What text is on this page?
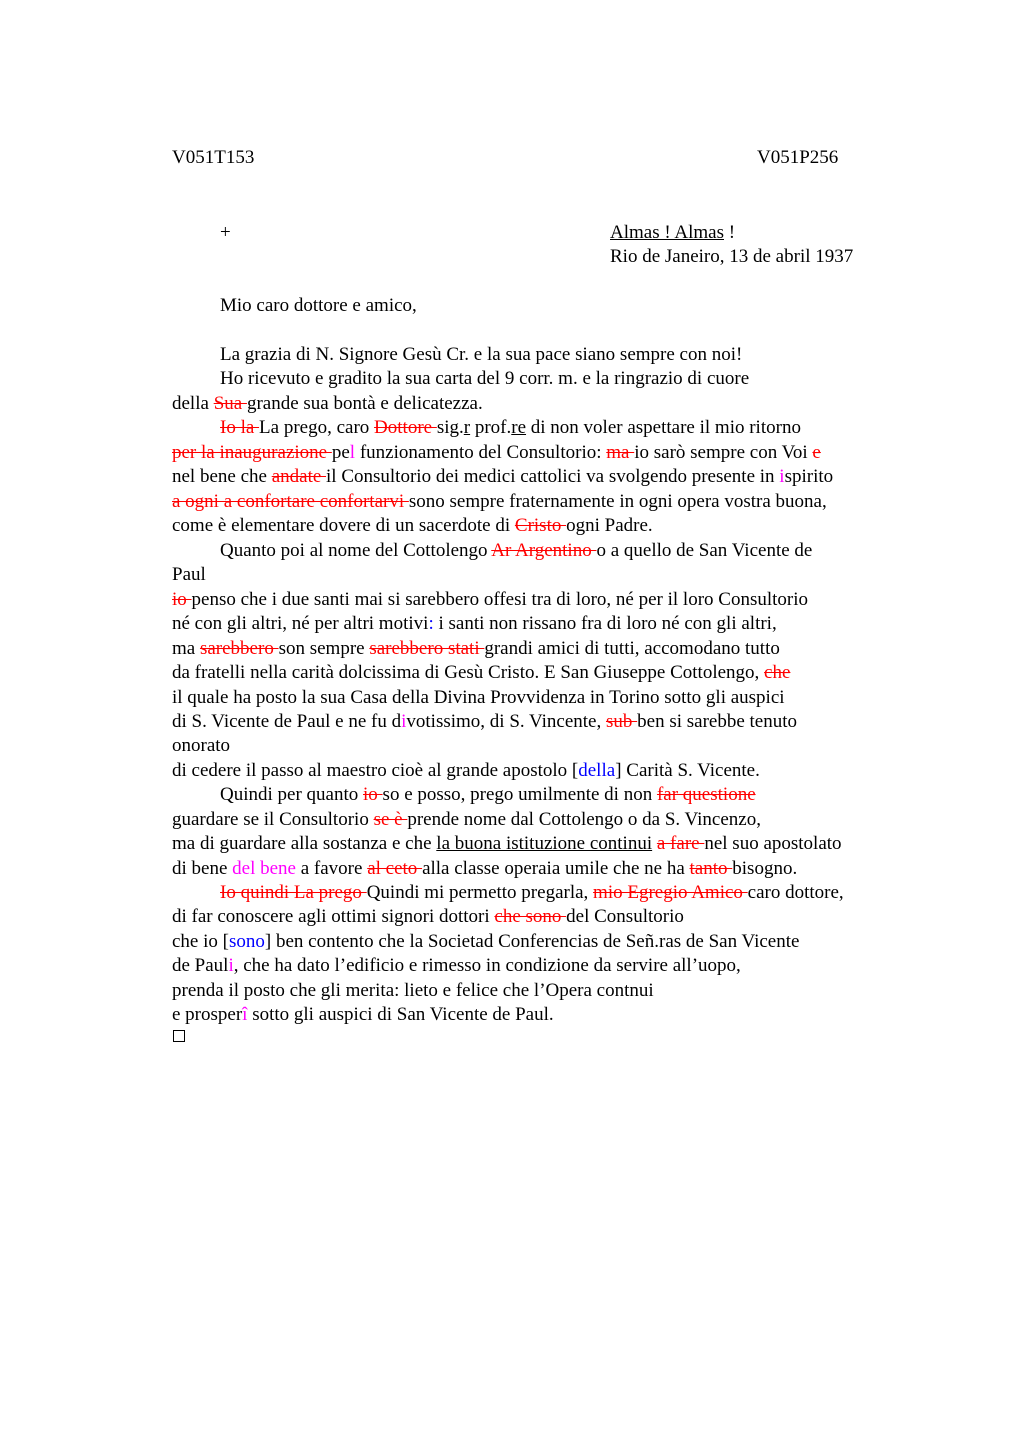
V051T153	V051P256
+	Almas ! Almas !
Rio de Janeiro, 13 de abril 1937
Mio caro dottore e amico,
La grazia di N. Signore Gesù Cr. e la sua pace siano sempre con noi!
Ho ricevuto e gradito la sua carta del 9 corr. m. e la ringrazio di cuore
della Sua grande sua bontà e delicatezza.
Io la La prego, caro Dottore sig.r prof.re di non voler aspettare il mio ritorno
per la inaugurazione pel funzionamento del Consultorio: ma io sarò sempre con Voi e
nel bene che andate il Consultorio dei medici cattolici va svolgendo presente in ispirito
a ogni a confortare confortarvi sono sempre fraternamente in ogni opera vostra buona,
come è elementare dovere di un sacerdote di Cristo ogni Padre.
Quanto poi al nome del Cottolengo Ar Argentino o a quello de San Vicente de
Paul
io penso che i due santi mai si sarebbero offesi tra di loro, né per il loro Consultorio
né con gli altri, né per altri motivi: i santi non rissano fra di loro né con gli altri,
ma sarebbero son sempre sarebbero stati grandi amici di tutti, accomodano tutto
da fratelli nella carità dolcissima di Gesù Cristo. E San Giuseppe Cottolengo, che
il quale ha posto la sua Casa della Divina Provvidenza in Torino sotto gli auspici
di S. Vicente de Paul e ne fu divotissimo, di S. Vincente, sub ben si sarebbe tenuto
onorato
di cedere il passo al maestro cioè al grande apostolo [della] Carità S. Vicente.
Quindi per quanto io so e posso, prego umilmente di non far questione
guardare se il Consultorio se è prende nome dal Cottolengo o da S. Vincenzo,
ma di guardare alla sostanza e che la buona istituzione continui a fare nel suo apostolato
di bene del bene a favore al ceto alla classe operaia umile che ne ha tanto bisogno.
Io quindi La prego Quindi mi permetto pregarla, mio Egregio Amico caro dottore,
di far conoscere agli ottimi signori dottori che sono del Consultorio
che io [sono] ben contento che la Societad Conferencias de Señ.ras de San Vicente
de Pauli, che ha dato l’edificio e rimesso in condizione da servire all’uopo,
prenda il posto che gli merita: lieto e felice che l’Opera contnui
e prosperî sotto gli auspici di San Vicente de Paul.
